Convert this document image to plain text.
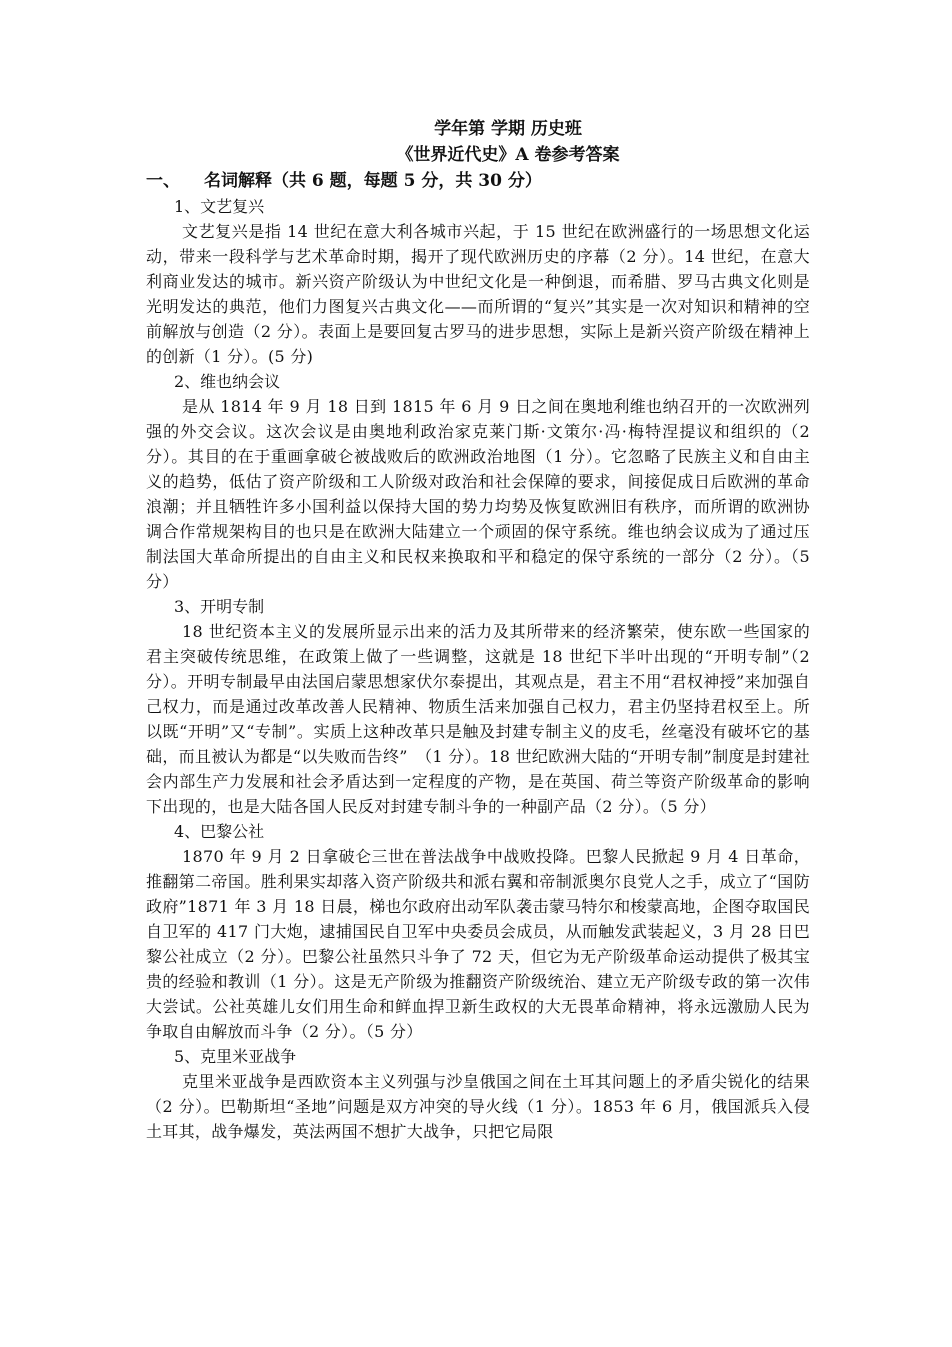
学年第 学期 历史班

《世界近代史》A 卷参考答案

一、 名词解释（共 6 题，每题 5 分，共 30 分）

1、文艺复兴

文艺复兴是指 14 世纪在意大利各城市兴起，于 15 世纪在欧洲盛行的一场思想文化运动，带来一段科学与艺术革命时期，揭开了现代欧洲历史的序幕（2 分）。14 世纪，在意大利商业发达的城市。新兴资产阶级认为中世纪文化是一种倒退，而希腊、罗马古典文化则是光明发达的典范，他们力图复兴古典文化——而所谓的“复兴”其实是一次对知识和精神的空前解放与创造（2 分）。表面上是要回复古罗马的进步思想，实际上是新兴资产阶级在精神上的创新（1 分）。(5 分)

2、维也纳会议

是从 1814 年 9 月 18 日到 1815 年 6 月 9 日之间在奥地利维也纳召开的一次欧洲列强的外交会议。这次会议是由奥地利政治家克莱门斯·文策尔·冯·梅特涅提议和组织的（2 分）。其目的在于重画拿破仑被战败后的欧洲政治地图（1 分）。它忽略了民族主义和自由主义的趋势，低估了资产阶级和工人阶级对政治和社会保障的要求，间接促成日后欧洲的革命浪潮；并且牺牲许多小国利益以保持大国的势力均势及恢复欧洲旧有秩序，而所谓的欧洲协调合作常规架构目的也只是在欧洲大陆建立一个顽固的保守系统。维也纳会议成为了通过压制法国大革命所提出的自由主义和民权来换取和平和稳定的保守系统的一部分（2 分）。（5 分）

3、开明专制

18 世纪资本主义的发展所显示出来的活力及其所带来的经济繁荣，使东欧一些国家的君主突破传统思维，在政策上做了一些调整，这就是 18 世纪下半叶出现的“开明专制”（2 分）。开明专制最早由法国启蒙思想家伏尔泰提出，其观点是，君主不用“君权神授”来加强自己权力，而是通过改革改善人民精神、物质生活来加强自己权力，君主仍坚持君权至上。所以既“开明”又“专制”。实质上这种改革只是触及封建专制主义的皮毛，丝毫没有破坏它的基础，而且被认为都是“以失败而告终”　（1 分）。18 世纪欧洲大陆的“开明专制”制度是封建社会内部生产力发展和社会矛盾达到一定程度的产物，是在英国、荷兰等资产阶级革命的影响下出现的，也是大陆各国人民反对封建专制斗争的一种副产品（2 分）。（5 分）

4、巴黎公社

1870 年 9 月 2 日拿破仑三世在普法战争中战败投降。巴黎人民掀起 9 月 4 日革命，推翻第二帝国。胜利果实却落入资产阶级共和派右翼和帝制派奥尔良党人之手，成立了“国防政府”1871 年 3 月 18 日晨，梯也尔政府出动军队袭击蒙马特尔和梭蒙高地，企图夺取国民自卫军的 417 门大炮，逮捕国民自卫军中央委员会成员，从而触发武装起义，3 月 28 日巴黎公社成立（2 分）。巴黎公社虽然只斗争了 72 天，但它为无产阶级革命运动提供了极其宝贵的经验和教训（1 分）。这是无产阶级为推翻资产阶级统治、建立无产阶级专政的第一次伟大尝试。公社英雄儿女们用生命和鲜血捍卫新生政权的大无畏革命精神，将永远激励人民为争取自由解放而斗争（2 分）。（5 分）

5、克里米亚战争

克里米亚战争是西欧资本主义列强与沙皇俄国之间在土耳其问题上的矛盾尖锐化的结果（2 分）。巴勒斯坦“圣地”问题是双方冲突的导火线（1 分）。1853 年 6 月，俄国派兵入侵土耳其，战争爆发，英法两国不想扩大战争，只把它局限
